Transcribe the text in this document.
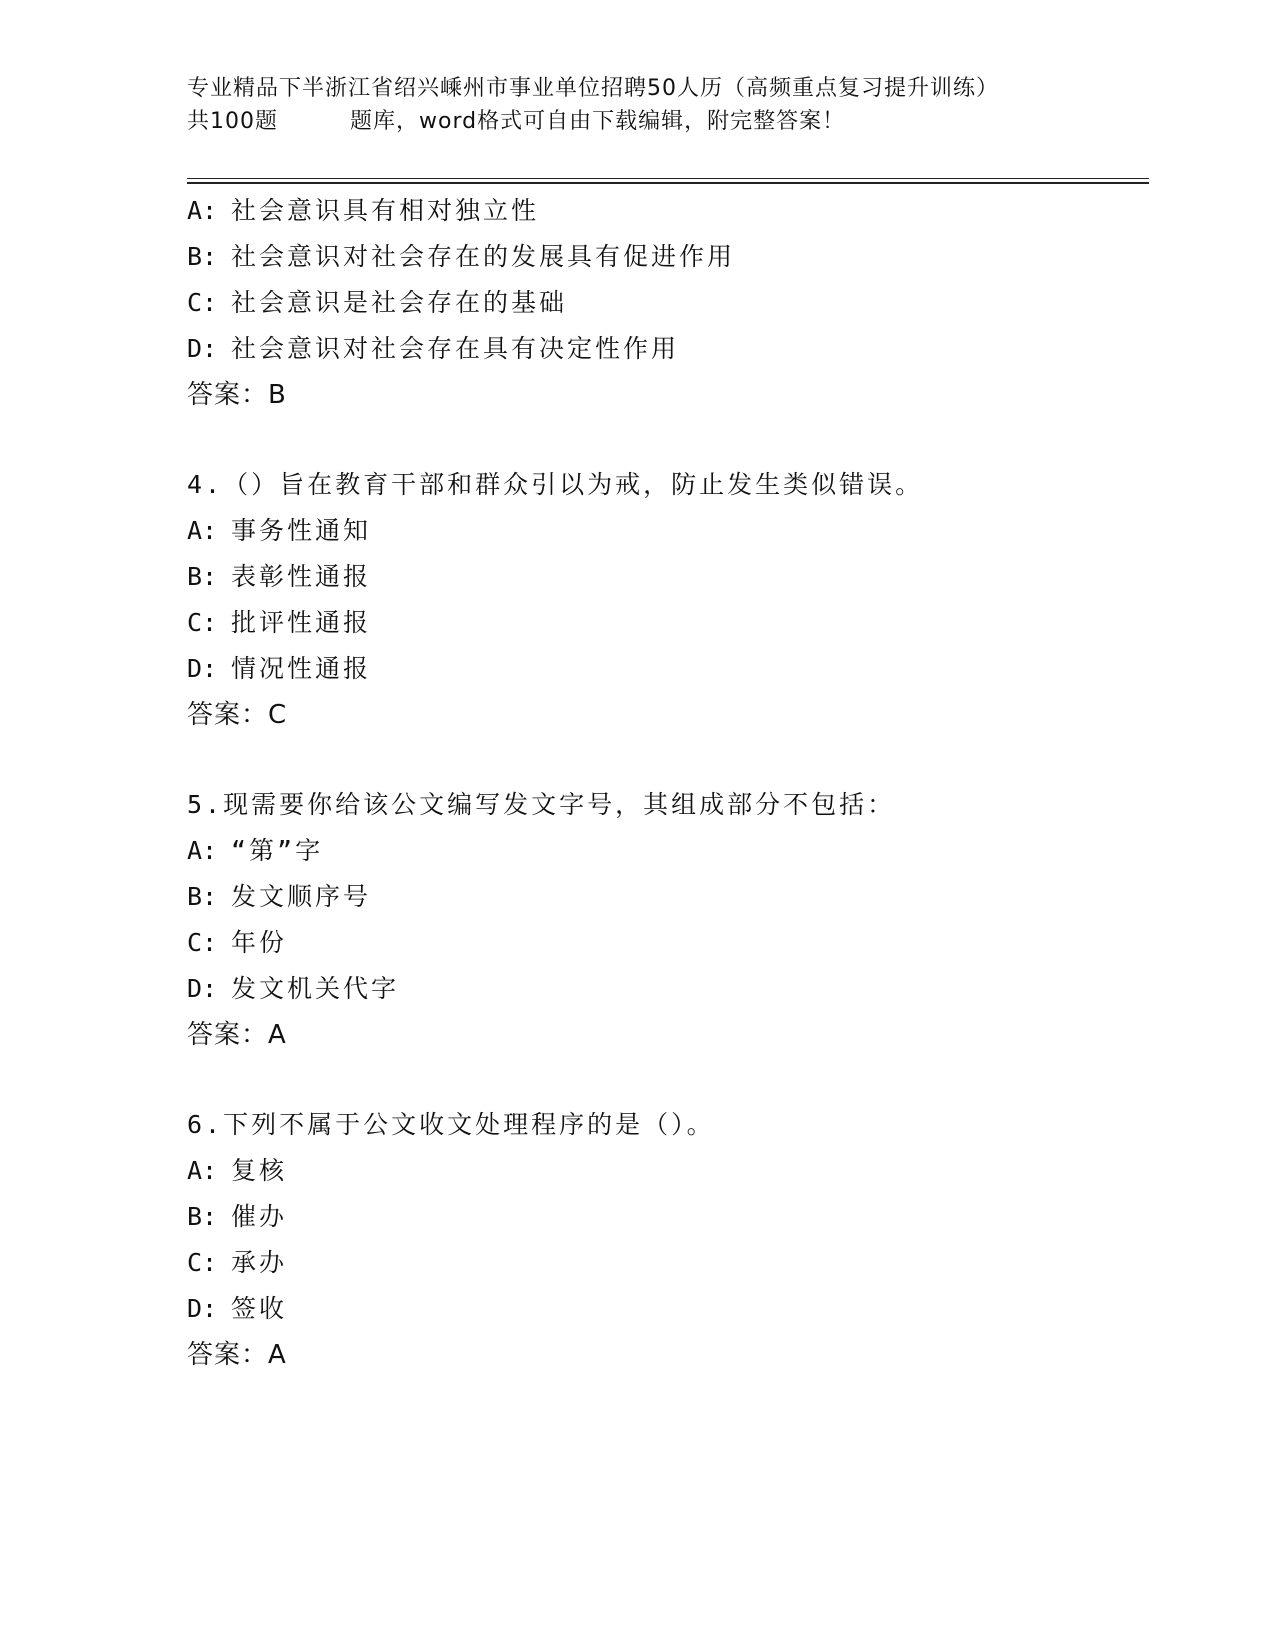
专业精品下半浙江省绍兴嵊州市事业单位招聘50人历（高频重点复习提升训练）
共100题	题库，word格式可自由下载编辑，附完整答案！
A: 社会意识具有相对独立性
B: 社会意识对社会存在的发展具有促进作用
C: 社会意识是社会存在的基础
D: 社会意识对社会存在具有决定性作用
答案：B
4.（）旨在教育干部和群众引以为戒，防止发生类似错误。
A: 事务性通知
B: 表彰性通报
C: 批评性通报
D: 情况性通报
答案：C
5.现需要你给该公文编写发文字号，其组成部分不包括：
A: “第”字
B: 发文顺序号
C: 年份
D: 发文机关代字
答案：A
6.下列不属于公文收文处理程序的是（）。
A: 复核
B: 催办
C: 承办
D: 签收
答案：A
